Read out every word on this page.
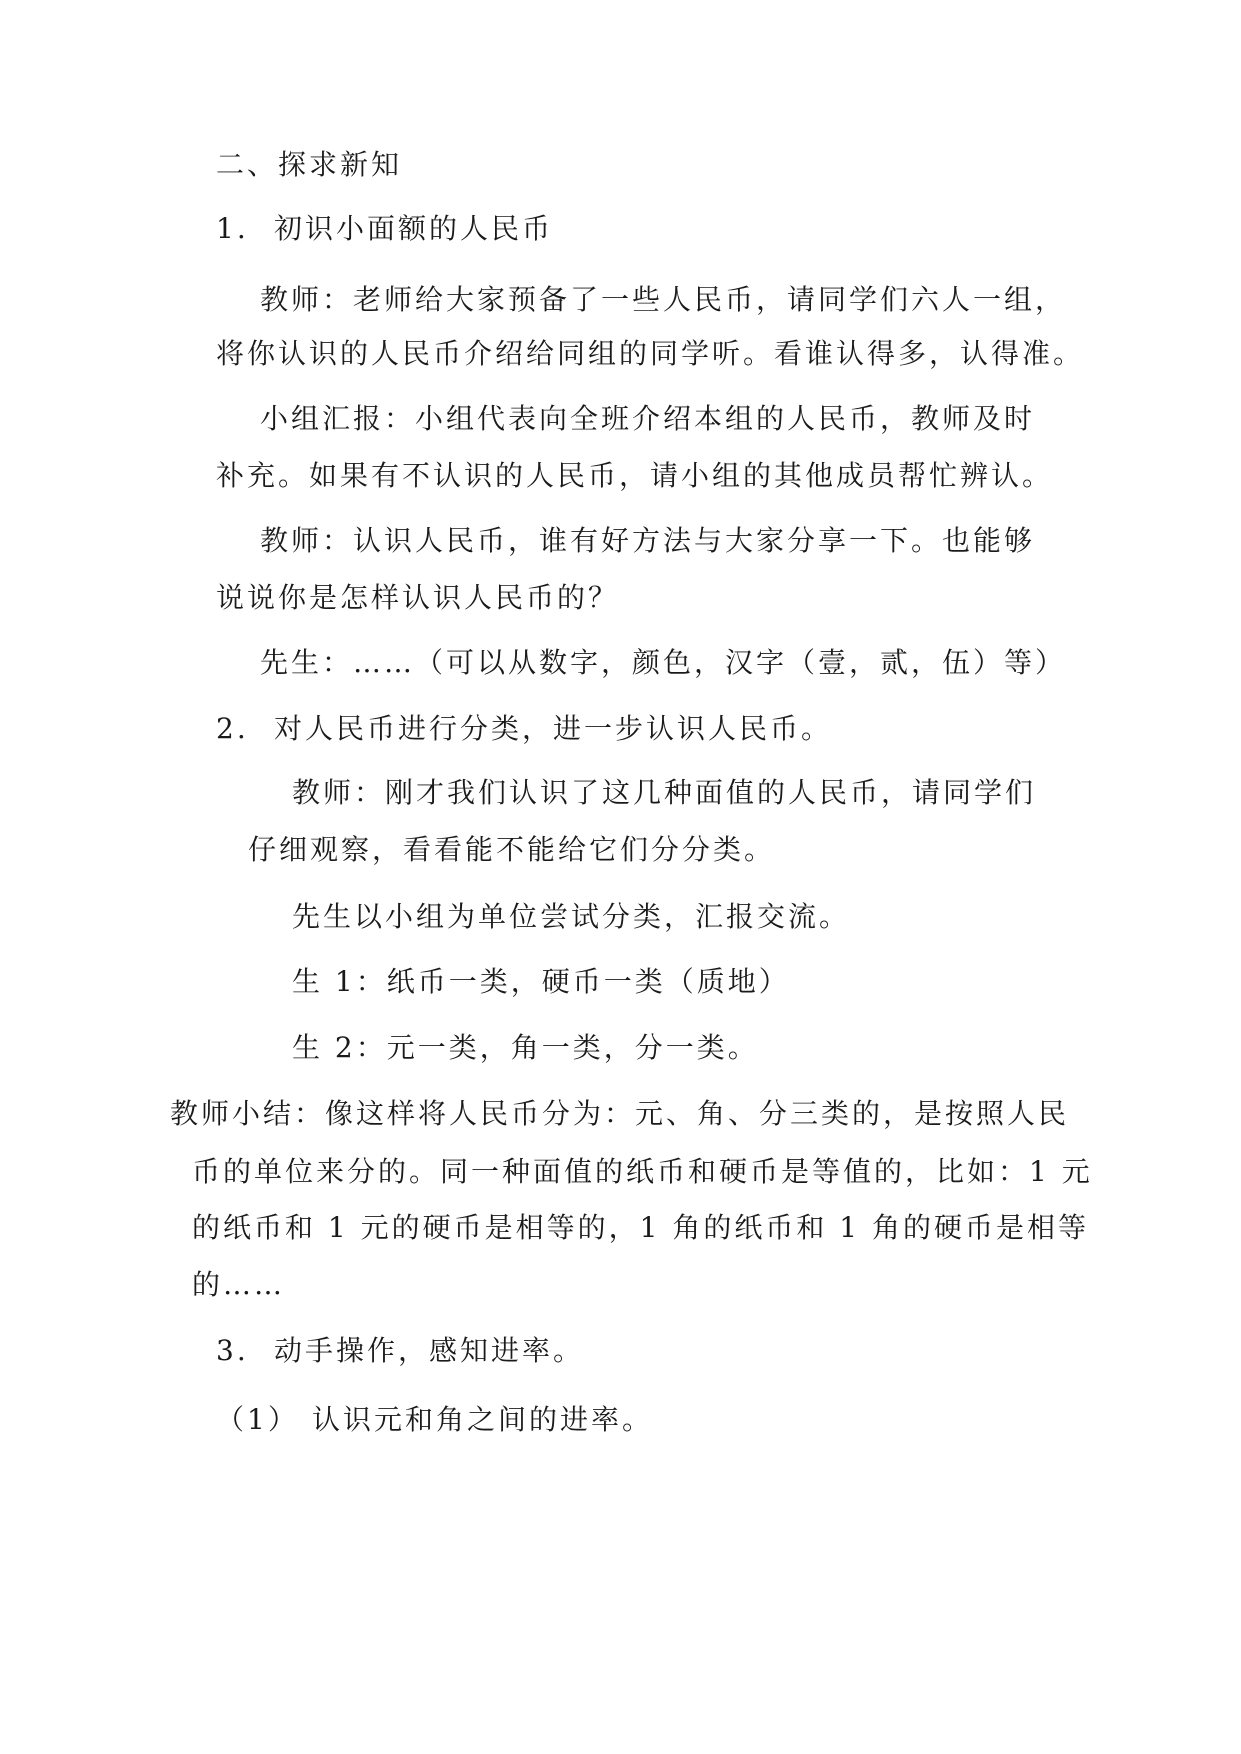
二、探求新知
1. 初识小面额的人民币
教师：老师给大家预备了一些人民币，请同学们六人一组，
将你认识的人民币介绍给同组的同学听。看谁认得多，认得准。
小组汇报：小组代表向全班介绍本组的人民币，教师及时
补充。如果有不认识的人民币，请小组的其他成员帮忙辨认。
教师：认识人民币，谁有好方法与大家分享一下。也能够
说说你是怎样认识人民币的？
先生：……（可以从数字，颜色，汉字（壹，贰，伍）等）
2. 对人民币进行分类，进一步认识人民币。
教师：刚才我们认识了这几种面值的人民币，请同学们
仔细观察，看看能不能给它们分分类。
先生以小组为单位尝试分类，汇报交流。
生 1：纸币一类，硬币一类（质地）
生 2：元一类，角一类，分一类。
教师小结：像这样将人民币分为：元、角、分三类的，是按照人民
币的单位来分的。同一种面值的纸币和硬币是等值的，比如：1 元
的纸币和 1 元的硬币是相等的，1 角的纸币和 1 角的硬币是相等
的……
3. 动手操作，感知进率。
（1） 认识元和角之间的进率。
